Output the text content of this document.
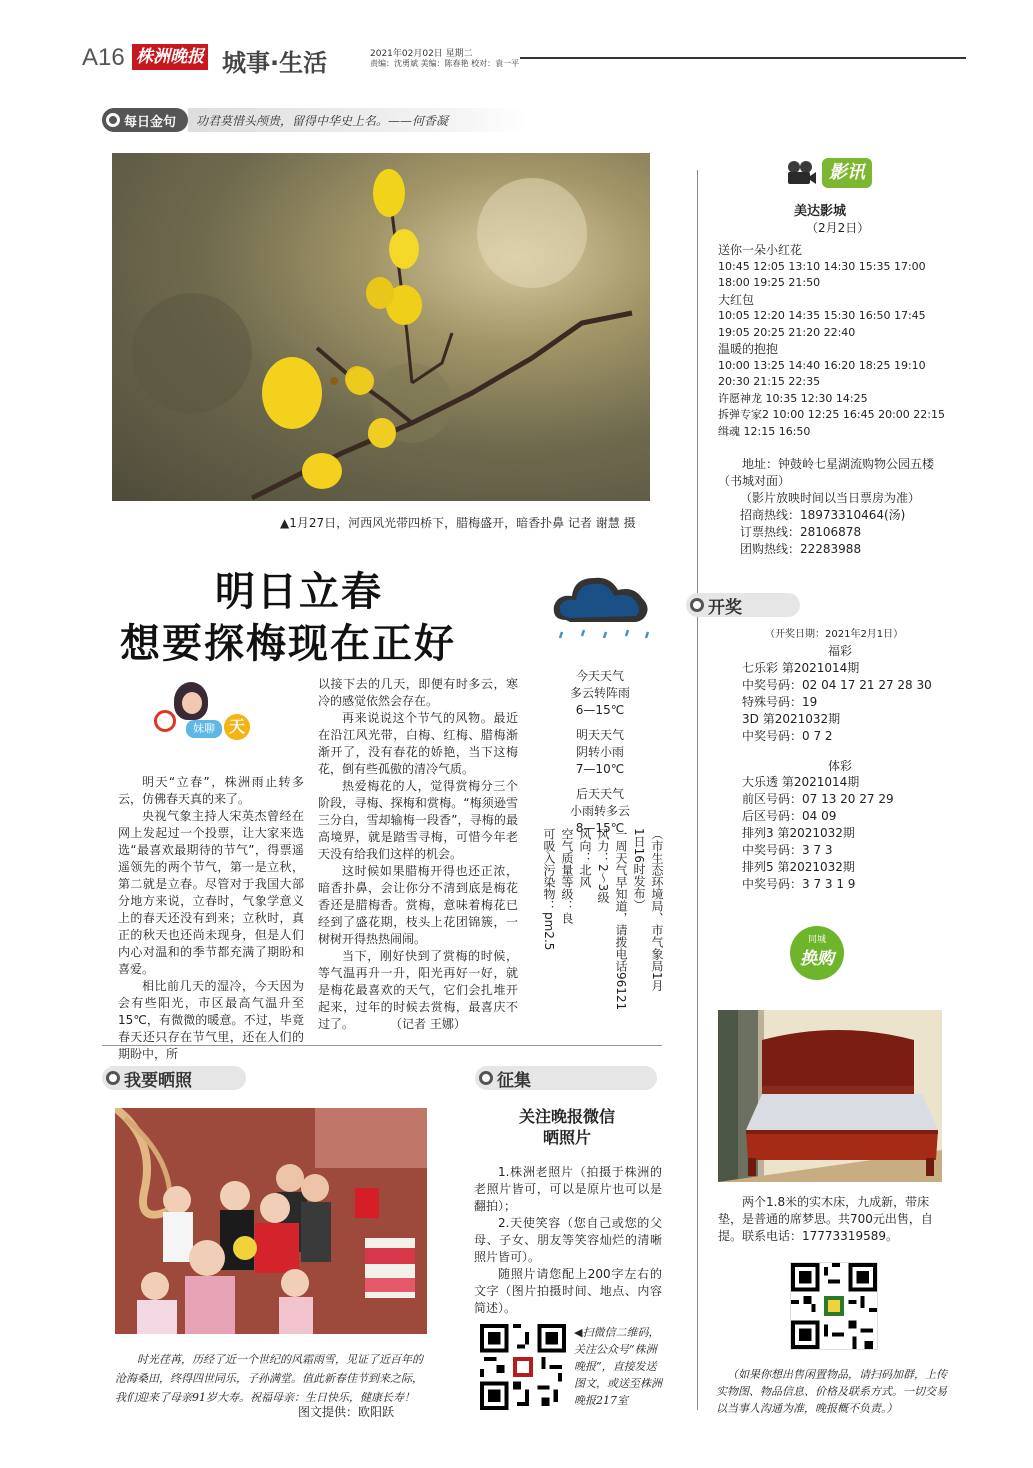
A16 株洲晚报 城事·生活	2021年02月02日 星期二
责编：沈勇斌 美编：陈春艳 校对：袁一平
每日金句 功君莫惜头颅贵，留得中华史上名。——何香凝
▲1月27日，河西风光带四桥下，腊梅盛开，暗香扑鼻 记者 谢慧 摄
明日立春
想要探梅现在正好
妹聊 天

明天“立春”，株洲雨止转多云，仿佛春天真的来了。

央视气象主持人宋英杰曾经在网上发起过一个投票，让大家来选选“最喜欢最期待的节气”，得票遥遥领先的两个节气，第一是立秋，第二就是立春。尽管对于我国大部分地方来说，立春时，气象学意义上的春天还没有到来；立秋时，真正的秋天也还尚未现身，但是人们内心对温和的季节都充满了期盼和喜爱。

相比前几天的湿冷，今天因为会有些阳光，市区最高气温升至15℃，有微微的暖意。不过，毕竟春天还只存在节气里，还在人们的期盼中，所

以接下去的几天，即便有时多云，寒冷的感觉依然会存在。

再来说说这个节气的风物。最近在沿江风光带，白梅、红梅、腊梅渐渐开了，没有春花的娇艳，当下这梅花，倒有些孤傲的清冷气质。

热爱梅花的人，觉得赏梅分三个阶段，寻梅、探梅和赏梅。“梅须逊雪三分白，雪却输梅一段香”，寻梅的最高境界，就是踏雪寻梅，可惜今年老天没有给我们这样的机会。

这时候如果腊梅开得也还正浓，暗香扑鼻，会让你分不清到底是梅花香还是腊梅香。赏梅，意味着梅花已经到了盛花期，枝头上花团锦簇，一树树开得热热闹闹。

当下，刚好快到了赏梅的时候，等气温再升一升，阳光再好一好，就是梅花最喜欢的天气，它们会扎堆开起来，过年的时候去赏梅，最喜庆不过了。　　　　（记者 王娜）

今天天气
多云转阵雨
6—15℃
明天天气
阴转小雨
7—10℃
后天天气
小雨转多云
8—15℃	（市生态环境局、市气象局1月
1日16时发布）
一周天气早知道，请拨电话96121
风力：2～3级
风向：北风
空气质量等级：良
可吸入污染物：pm2.5
影讯
美达影城
（2月2日）
送你一朵小红花
10:45 12:05 13:10 14:30 15:35 17:00
18:00 19:25 21:50
大红包
10:05 12:20 14:35 15:30 16:50 17:45
19:05 20:25 21:20 22:40
温暖的抱抱
10:00 13:25 14:40 16:20 18:25 19:10
20:30 21:15 22:35
许愿神龙 10:35 12:30 14:25
拆弹专家2 10:00 12:25 16:45 20:00 22:15
缉魂 12:15 16:50
地址：钟鼓岭七星湖流购物公园五楼
（书城对面）
（影片放映时间以当日票房为准）
招商热线：18973310464(汤)
订票热线：28106878
团购热线：22283988
开奖
（开奖日期：2021年2月1日）
福彩
七乐彩 第2021014期
中奖号码：02 04 17 21 27 28 30
特殊号码：19
3D 第2021032期
中奖号码：0 7 2
体彩
大乐透 第2021014期
前区号码：07 13 20 27 29
后区号码：04 09
排列3 第2021032期
中奖号码：3 7 3
排列5 第2021032期
中奖号码：3 7 3 1 9
同城
换购
两个1.8米的实木床，九成新，带床垫，是普通的席梦思。共700元出售，自提。联系电话：17773319589。
（如果你想出售闲置物品，请扫码加群，上传实物图、物品信息、价格及联系方式。一切交易以当事人沟通为准，晚报概不负责。）
我要晒照
时光荏苒，历经了近一个世纪的风霜雨雪，见证了近百年的沧海桑田，终得四世同乐，子孙满堂。值此新春佳节到来之际，我们迎来了母亲91岁大寿。祝福母亲：生日快乐，健康长寿！
图文提供：欧阳跃
征集
关注晚报微信
晒照片

1.株洲老照片（拍摄于株洲的老照片皆可，可以是原片也可以是翻拍）；

2.天使笑容（您自己或您的父母、子女、朋友等笑容灿烂的清晰照片皆可）。

随照片请您配上200字左右的文字（图片拍摄时间、地点、内容简述）。

◀扫微信二维码，关注公众号“株洲晚报”，直接发送图文，或送至株洲晚报217室
